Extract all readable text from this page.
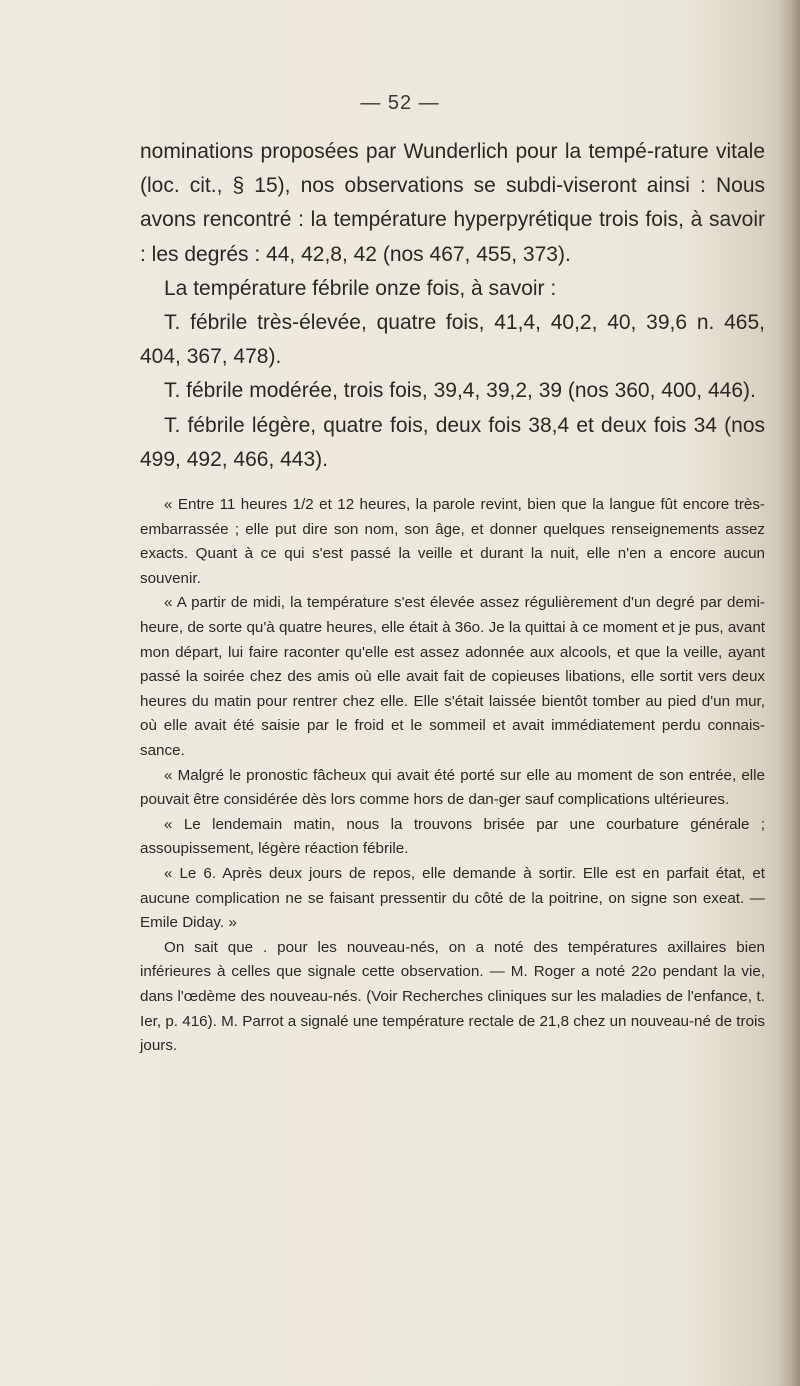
— 52 —

nominations proposées par Wunderlich pour la tempé-rature vitale (loc. cit., § 15), nos observations se subdi-viseront ainsi : Nous avons rencontré : la température hyperpyrétique trois fois, à savoir : les degrés : 44, 42,8, 42 (nos 467, 455, 373).

La température fébrile onze fois, à savoir :

T. fébrile très-élevée, quatre fois, 41,4, 40,2, 40, 39,6 n. 465, 404, 367, 478).

T. fébrile modérée, trois fois, 39,4, 39,2, 39 (nos 360, 400, 446).

T. fébrile légère, quatre fois, deux fois 38,4 et deux fois 34 (nos 499, 492, 466, 443).

« Entre 11 heures 1/2 et 12 heures, la parole revint, bien que la langue fût encore très-embarrassée ; elle put dire son nom, son âge, et donner quelques renseignements assez exacts. Quant à ce qui s'est passé la veille et durant la nuit, elle n'en a encore aucun souvenir.

« A partir de midi, la température s'est élevée assez régulièrement d'un degré par demi-heure, de sorte qu'à quatre heures, elle était à 36o. Je la quittai à ce moment et je pus, avant mon départ, lui faire raconter qu'elle est assez adonnée aux alcools, et que la veille, ayant passé la soirée chez des amis où elle avait fait de copieuses libations, elle sortit vers deux heures du matin pour rentrer chez elle. Elle s'était laissée bientôt tomber au pied d'un mur, où elle avait été saisie par le froid et le sommeil et avait immédiatement perdu connais-sance.

« Malgré le pronostic fâcheux qui avait été porté sur elle au moment de son entrée, elle pouvait être considérée dès lors comme hors de dan-ger sauf complications ultérieures.

« Le lendemain matin, nous la trouvons brisée par une courbature générale ; assoupissement, légère réaction fébrile.

« Le 6. Après deux jours de repos, elle demande à sortir. Elle est en parfait état, et aucune complication ne se faisant pressentir du côté de la poitrine, on signe son exeat. — Emile Diday. »

On sait que . pour les nouveau-nés, on a noté des températures axillaires bien inférieures à celles que signale cette observation. — M. Roger a noté 22o pendant la vie, dans l'œdème des nouveau-nés. (Voir Recherches cliniques sur les maladies de l'enfance, t. Ier, p. 416). M. Parrot a signalé une température rectale de 21,8 chez un nouveau-né de trois jours.
